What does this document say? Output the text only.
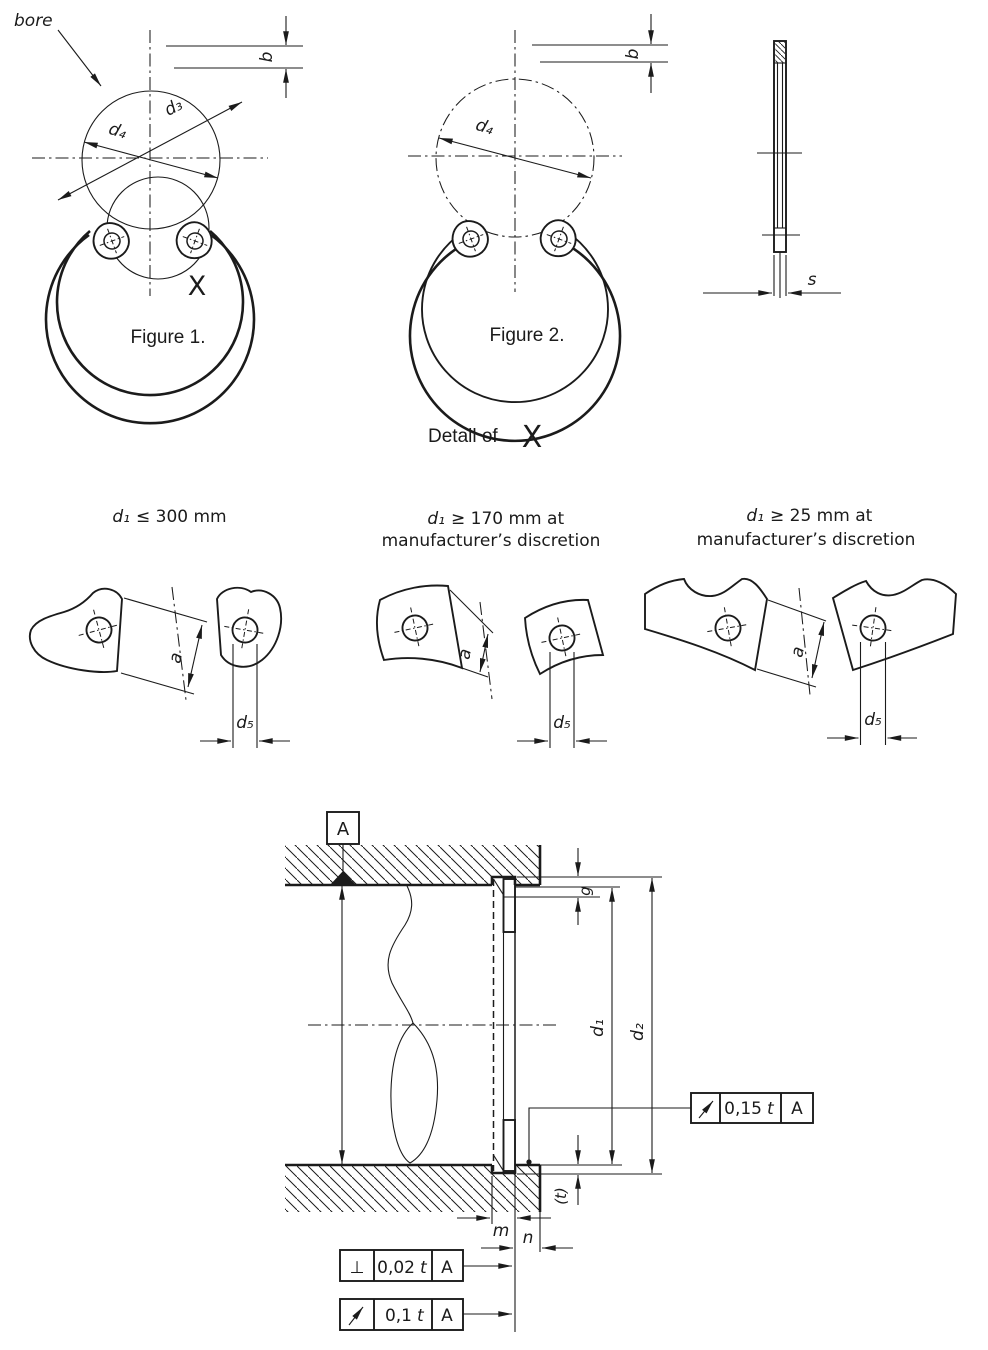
d₃
d₄
bore
b
X
Figure 1.
d₄
b
Figure 2.
s
Detail of X
d₁ ≤ 300 mm
a
d₅
d₁ ≥ 170 mm at
manufacturer’s discretion
a
d₅
d₁ ≥ 25 mm at
manufacturer’s discretion
a
d₅
A
g
(t)
d₁ d₂
m n
0,15 t A
⊥ 0,02 t A
0,1 t A
